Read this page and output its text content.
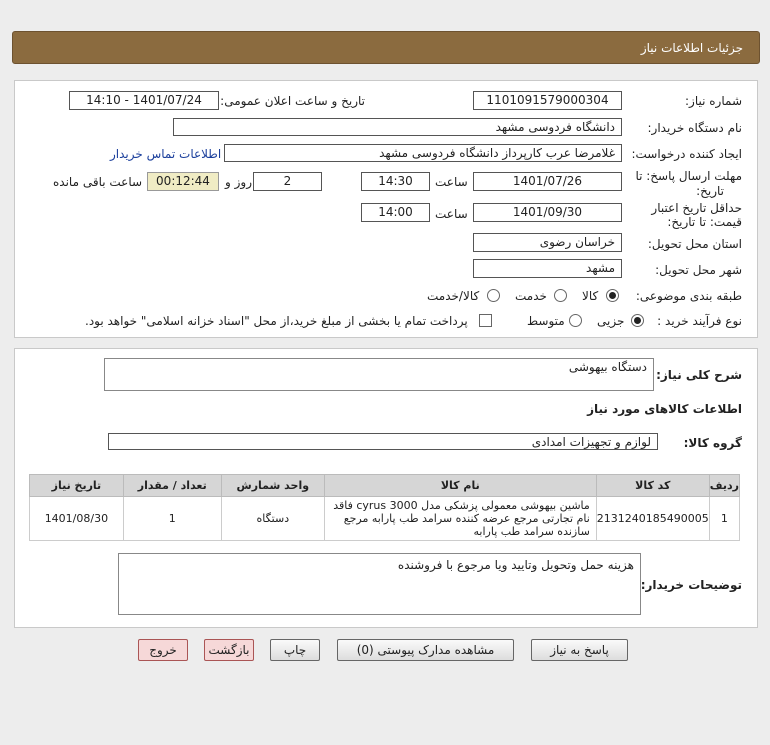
جزئیات اطلاعات نیاز
شماره نیاز:
1101091579000304
تاریخ و ساعت اعلان عمومی:
1401/07/24 - 14:10
نام دستگاه خریدار:
دانشگاه فردوسی مشهد
ایجاد کننده درخواست:
غلامرضا عرب کارپرداز دانشگاه فردوسی مشهد
اطلاعات تماس خریدار
مهلت ارسال پاسخ: تا
تاریخ:
1401/07/26
ساعت
14:30
2
روز و
00:12:44
ساعت باقی مانده
حداقل تاریخ اعتبار
قیمت: تا تاریخ:
1401/09/30
ساعت
14:00
استان محل تحویل:
خراسان رضوی
شهر محل تحویل:
مشهد
طبقه بندی موضوعی:
کالا
خدمت
کالا/خدمت
نوع فرآیند خرید :
جزیی
متوسط
پرداخت تمام یا بخشی از مبلغ خرید،از محل "اسناد خزانه اسلامی" خواهد بود.
شرح کلی نیاز:
دستگاه بیهوشی
اطلاعات کالاهای مورد نیاز
گروه کالا:
لوازم و تجهیزات امدادی
ردیف	کد کالا	نام کالا	واحد شمارش	تعداد / مقدار	تاریخ نیاز
1	2131240185490005	ماشین بیهوشی معمولی پزشکی مدل cyrus 3000 فاقد نام تجارتی مرجع عرضه کننده سرامد طب پارابه مرجع سازنده سرامد طب پارابه	دستگاه	1	1401/08/30
توضیحات خریدار:
هزینه حمل وتحویل وتایید ویا مرجوع با فروشنده
پاسخ به نیاز
مشاهده مدارک پیوستی (0)
چاپ
بازگشت
خروج
